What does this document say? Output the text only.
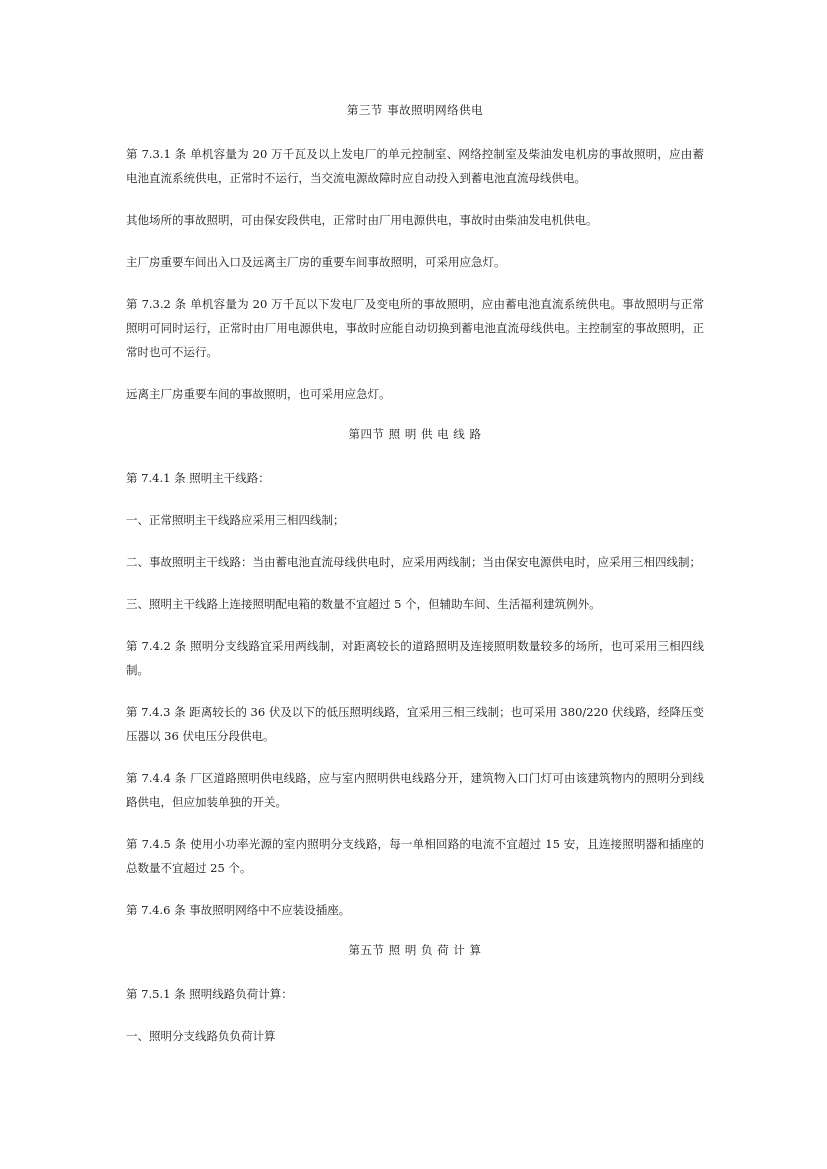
第三节 事故照明网络供电

第 7.3.1 条 单机容量为 20 万千瓦及以上发电厂的单元控制室、网络控制室及柴油发电机房的事故照明，应由蓄电池直流系统供电，正常时不运行，当交流电源故障时应自动投入到蓄电池直流母线供电。

其他场所的事故照明，可由保安段供电，正常时由厂用电源供电，事故时由柴油发电机供电。

主厂房重要车间出入口及远离主厂房的重要车间事故照明，可采用应急灯。

第 7.3.2 条 单机容量为 20 万千瓦以下发电厂及变电所的事故照明，应由蓄电池直流系统供电。事故照明与正常照明可同时运行，正常时由厂用电源供电，事故时应能自动切换到蓄电池直流母线供电。主控制室的事故照明，正常时也可不运行。

远离主厂房重要车间的事故照明，也可采用应急灯。

第四节 照 明 供 电 线 路

第 7.4.1 条 照明主干线路：

一、正常照明主干线路应采用三相四线制；

二、事故照明主干线路：当由蓄电池直流母线供电时，应采用两线制；当由保安电源供电时，应采用三相四线制；

三、照明主干线路上连接照明配电箱的数量不宜超过 5 个，但辅助车间、生活福利建筑例外。

第 7.4.2 条 照明分支线路宜采用两线制，对距离较长的道路照明及连接照明数量较多的场所，也可采用三相四线制。

第 7.4.3 条 距离较长的 36 伏及以下的低压照明线路，宜采用三相三线制；也可采用 380/220 伏线路，经降压变压器以 36 伏电压分段供电。

第 7.4.4 条 厂区道路照明供电线路，应与室内照明供电线路分开，建筑物入口门灯可由该建筑物内的照明分到线路供电，但应加装单独的开关。

第 7.4.5 条 使用小功率光源的室内照明分支线路，每一单相回路的电流不宜超过 15 安，且连接照明器和插座的总数量不宜超过 25 个。

第 7.4.6 条 事故照明网络中不应装设插座。

第五节 照 明 负 荷 计 算

第 7.5.1 条 照明线路负荷计算：

一、照明分支线路负负荷计算
